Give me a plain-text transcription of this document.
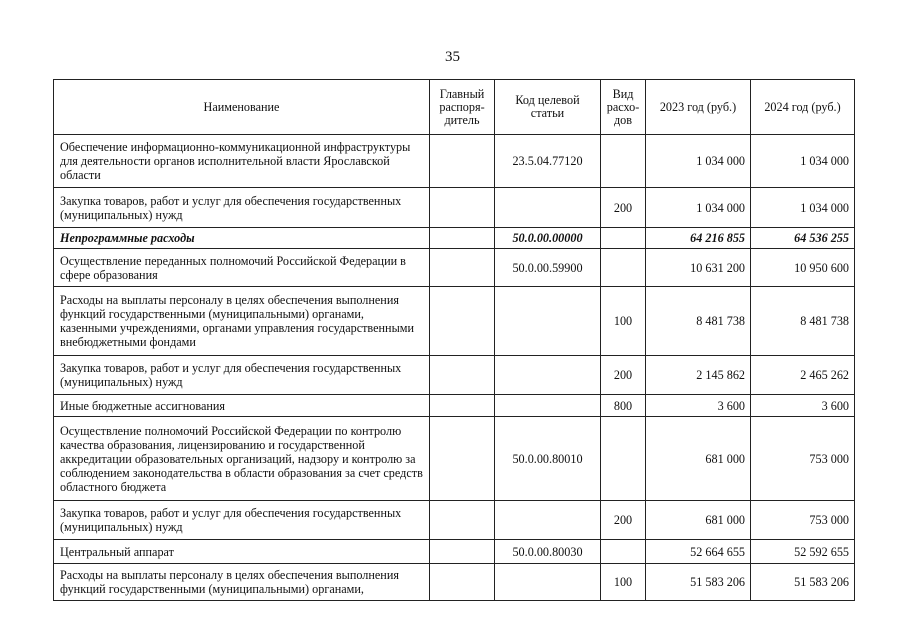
35
Наименование	Главный распоря-дитель	Код целевой статьи	Вид расхо-дов	2023 год (руб.)	2024 год (руб.)
Обеспечение информационно-коммуникационной инфраструктуры для деятельности органов исполнительной власти Ярославской области		23.5.04.77120		1 034 000	1 034 000
Закупка товаров, работ и услуг для обеспечения государственных (муниципальных) нужд			200	1 034 000	1 034 000
Непрограммные расходы		50.0.00.00000		64 216 855	64 536 255
Осуществление переданных полномочий Российской Федерации в сфере образования		50.0.00.59900		10 631 200	10 950 600
Расходы на выплаты персоналу в целях обеспечения выполнения функций государственными (муниципальными) органами, казенными учреждениями, органами управления государственными внебюджетными фондами			100	8 481 738	8 481 738
Закупка товаров, работ и услуг для обеспечения государственных (муниципальных) нужд			200	2 145 862	2 465 262
Иные бюджетные ассигнования			800	3 600	3 600
Осуществление полномочий Российской Федерации по контролю качества образования, лицензированию и государственной аккредитации образовательных организаций, надзору и контролю за соблюдением законодательства в области образования за счет средств областного бюджета		50.0.00.80010		681 000	753 000
Закупка товаров, работ и услуг для обеспечения государственных (муниципальных) нужд			200	681 000	753 000
Центральный аппарат		50.0.00.80030		52 664 655	52 592 655
Расходы на выплаты персоналу в целях обеспечения выполнения функций государственными (муниципальными) органами,			100	51 583 206	51 583 206
